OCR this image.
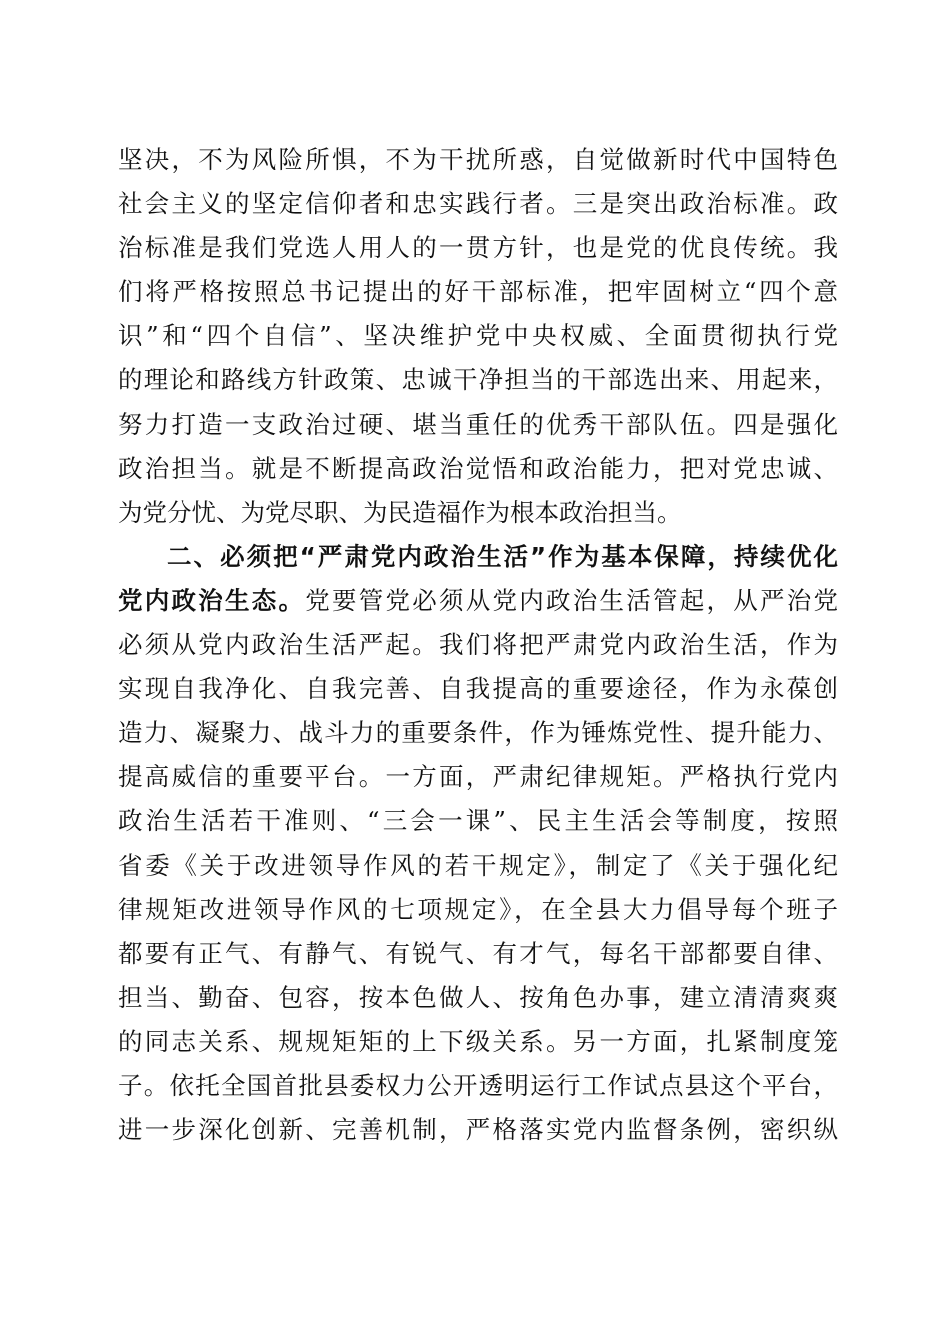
坚决，不为风险所惧，不为干扰所惑，自觉做新时代中国特色
社会主义的坚定信仰者和忠实践行者。三是突出政治标准。政
治标准是我们党选人用人的一贯方针，也是党的优良传统。我
们将严格按照总书记提出的好干部标准，把牢固树立“四个意
识”和“四个自信”、坚决维护党中央权威、全面贯彻执行党
的理论和路线方针政策、忠诚干净担当的干部选出来、用起来，
努力打造一支政治过硬、堪当重任的优秀干部队伍。四是强化
政治担当。就是不断提高政治觉悟和政治能力，把对党忠诚、
为党分忧、为党尽职、为民造福作为根本政治担当。
二、必须把“严肃党内政治生活”作为基本保障，持续优化
党内政治生态。党要管党必须从党内政治生活管起，从严治党
必须从党内政治生活严起。我们将把严肃党内政治生活，作为
实现自我净化、自我完善、自我提高的重要途径，作为永葆创
造力、凝聚力、战斗力的重要条件，作为锤炼党性、提升能力、
提高威信的重要平台。一方面，严肃纪律规矩。严格执行党内
政治生活若干准则、“三会一课”、民主生活会等制度，按照
省委《关于改进领导作风的若干规定》，制定了《关于强化纪
律规矩改进领导作风的七项规定》，在全县大力倡导每个班子
都要有正气、有静气、有锐气、有才气，每名干部都要自律、
担当、勤奋、包容，按本色做人、按角色办事，建立清清爽爽
的同志关系、规规矩矩的上下级关系。另一方面，扎紧制度笼
子。依托全国首批县委权力公开透明运行工作试点县这个平台，
进一步深化创新、完善机制，严格落实党内监督条例，密织纵
